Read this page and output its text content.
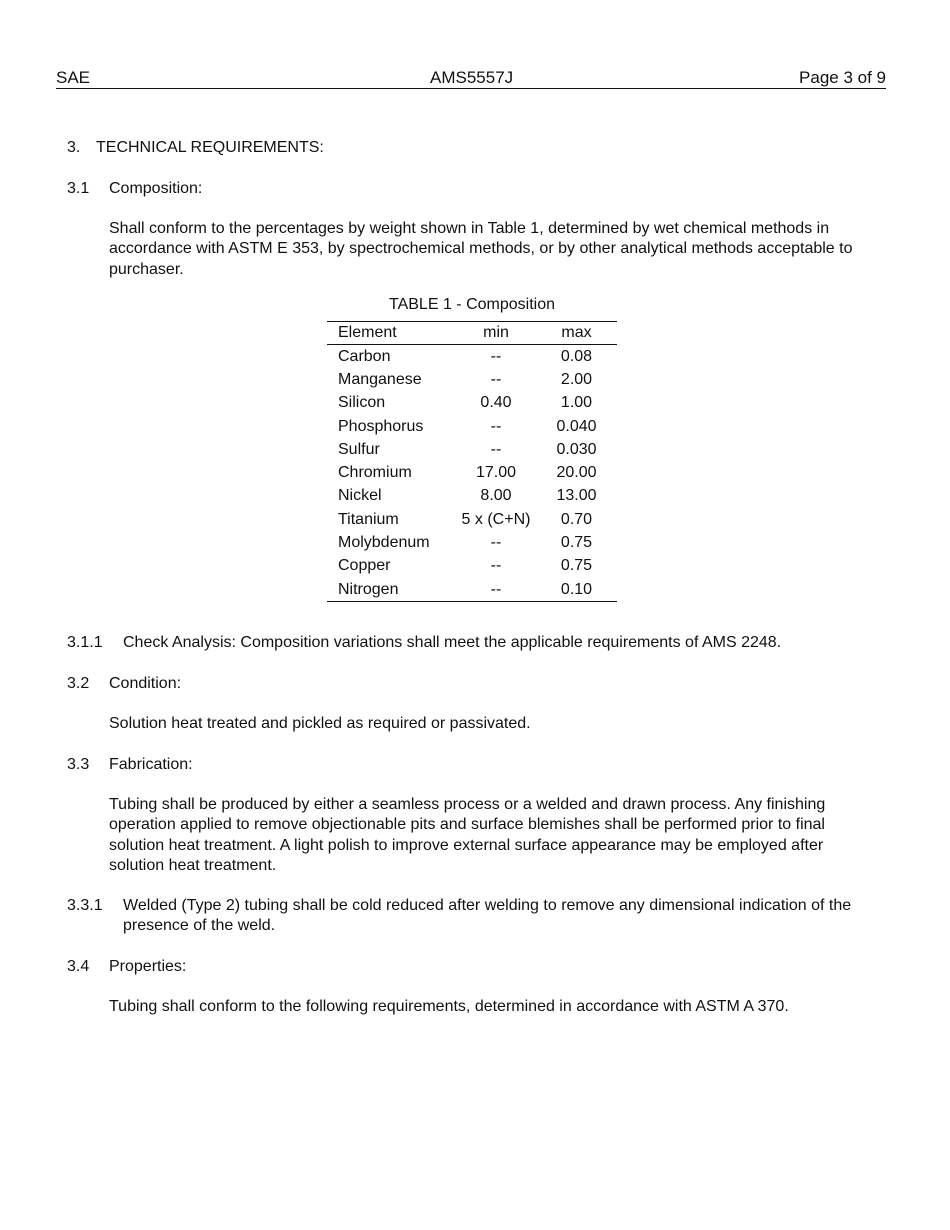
SAE	AMS5557J	Page 3 of 9
3. TECHNICAL REQUIREMENTS:
3.1 Composition:
Shall conform to the percentages by weight shown in Table 1, determined by wet chemical methods in accordance with ASTM E 353, by spectrochemical methods, or by other analytical methods acceptable to purchaser.
TABLE 1 - Composition
Element	min	max
Carbon	--	0.08
Manganese	--	2.00
Silicon	0.40	1.00
Phosphorus	--	0.040
Sulfur	--	0.030
Chromium	17.00	20.00
Nickel	8.00	13.00
Titanium	5 x (C+N)	0.70
Molybdenum	--	0.75
Copper	--	0.75
Nitrogen	--	0.10
3.1.1 Check Analysis: Composition variations shall meet the applicable requirements of AMS 2248.
3.2 Condition:
Solution heat treated and pickled as required or passivated.
3.3 Fabrication:
Tubing shall be produced by either a seamless process or a welded and drawn process. Any finishing operation applied to remove objectionable pits and surface blemishes shall be performed prior to final solution heat treatment. A light polish to improve external surface appearance may be employed after solution heat treatment.
3.3.1 Welded (Type 2) tubing shall be cold reduced after welding to remove any dimensional indication of the presence of the weld.
3.4 Properties:
Tubing shall conform to the following requirements, determined in accordance with ASTM A 370.
